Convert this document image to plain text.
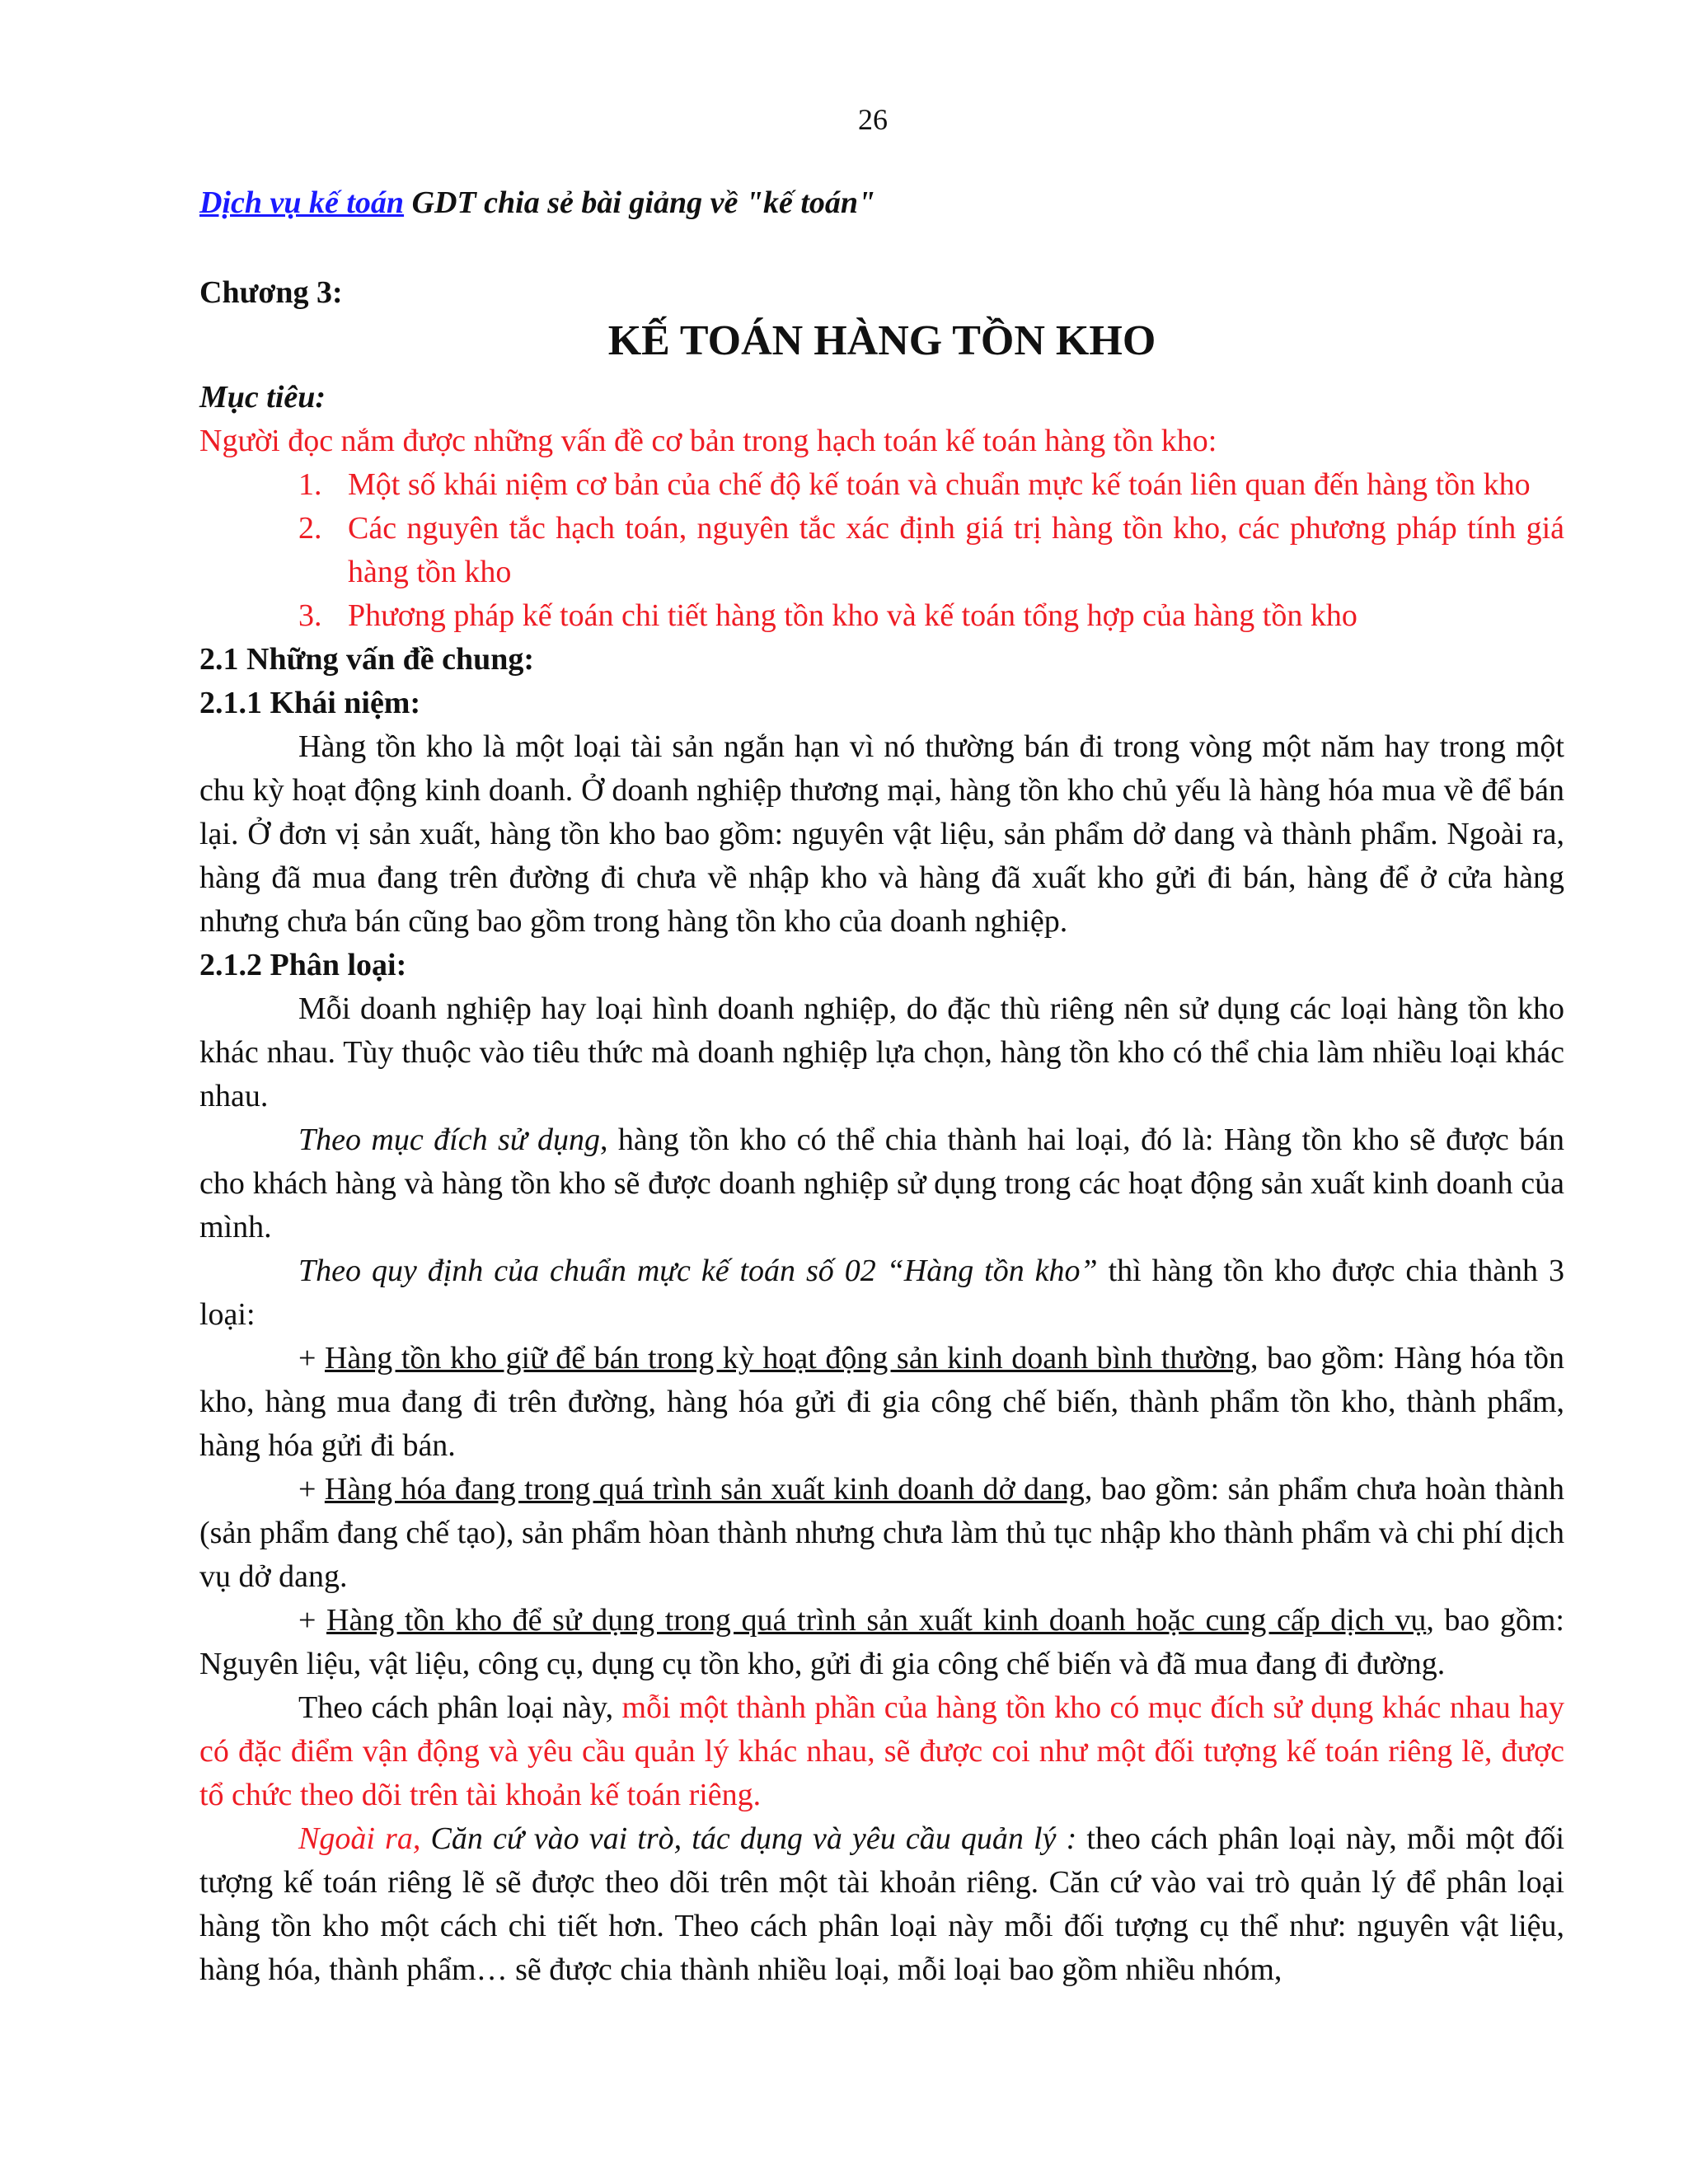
26
Dịch vụ kế toán GDT chia sẻ bài giảng về "kế toán"
Chương 3:
KẾ TOÁN HÀNG TỒN KHO

Mục tiêu:

Người đọc nắm được những vấn đề cơ bản trong hạch toán kế toán hàng tồn kho:

1. Một số khái niệm cơ bản của chế độ kế toán và chuẩn mực kế toán liên quan đến hàng tồn kho
2. Các nguyên tắc hạch toán, nguyên tắc xác định giá trị hàng tồn kho, các phương pháp tính giá hàng tồn kho
3. Phương pháp kế toán chi tiết hàng tồn kho và kế toán tổng hợp của hàng tồn kho

2.1 Những vấn đề chung:

2.1.1 Khái niệm:

Hàng tồn kho là một loại tài sản ngắn hạn vì nó thường bán đi trong vòng một năm hay trong một chu kỳ hoạt động kinh doanh. Ở doanh nghiệp thương mại, hàng tồn kho chủ yếu là hàng hóa mua về để bán lại. Ở đơn vị sản xuất, hàng tồn kho bao gồm: nguyên vật liệu, sản phẩm dở dang và thành phẩm. Ngoài ra, hàng đã mua đang trên đường đi chưa về nhập kho và hàng đã xuất kho gửi đi bán, hàng để ở cửa hàng nhưng chưa bán cũng bao gồm trong hàng tồn kho của doanh nghiệp.

2.1.2 Phân loại:

Mỗi doanh nghiệp hay loại hình doanh nghiệp, do đặc thù riêng nên sử dụng các loại hàng tồn kho khác nhau. Tùy thuộc vào tiêu thức mà doanh nghiệp lựa chọn, hàng tồn kho có thể chia làm nhiều loại khác nhau.

Theo mục đích sử dụng, hàng tồn kho có thể chia thành hai loại, đó là: Hàng tồn kho sẽ được bán cho khách hàng và hàng tồn kho sẽ được doanh nghiệp sử dụng trong các hoạt động sản xuất kinh doanh của mình.

Theo quy định của chuẩn mực kế toán số 02 “Hàng tồn kho” thì hàng tồn kho được chia thành 3 loại:

+ Hàng tồn kho giữ để bán trong kỳ hoạt động sản kinh doanh bình thường, bao gồm: Hàng hóa tồn kho, hàng mua đang đi trên đường, hàng hóa gửi đi gia công chế biến, thành phẩm tồn kho, thành phẩm, hàng hóa gửi đi bán.

+ Hàng hóa đang trong quá trình sản xuất kinh doanh dở dang, bao gồm: sản phẩm chưa hoàn thành (sản phẩm đang chế tạo), sản phẩm hòan thành nhưng chưa làm thủ tục nhập kho thành phẩm và chi phí dịch vụ dở dang.

+ Hàng tồn kho để sử dụng trong quá trình sản xuất kinh doanh hoặc cung cấp dịch vụ, bao gồm: Nguyên liệu, vật liệu, công cụ, dụng cụ tồn kho, gửi đi gia công chế biến và đã mua đang đi đường.

Theo cách phân loại này, mỗi một thành phần của hàng tồn kho có mục đích sử dụng khác nhau hay có đặc điểm vận động và yêu cầu quản lý khác nhau, sẽ được coi như một đối tượng kế toán riêng lẽ, được tổ chức theo dõi trên tài khoản kế toán riêng.

Ngoài ra, Căn cứ vào vai trò, tác dụng và yêu cầu quản lý : theo cách phân loại này, mỗi một đối tượng kế toán riêng lẽ sẽ được theo dõi trên một tài khoản riêng. Căn cứ vào vai trò quản lý để phân loại hàng tồn kho một cách chi tiết hơn. Theo cách phân loại này mỗi đối tượng cụ thể như: nguyên vật liệu, hàng hóa, thành phẩm… sẽ được chia thành nhiều loại, mỗi loại bao gồm nhiều nhóm,
